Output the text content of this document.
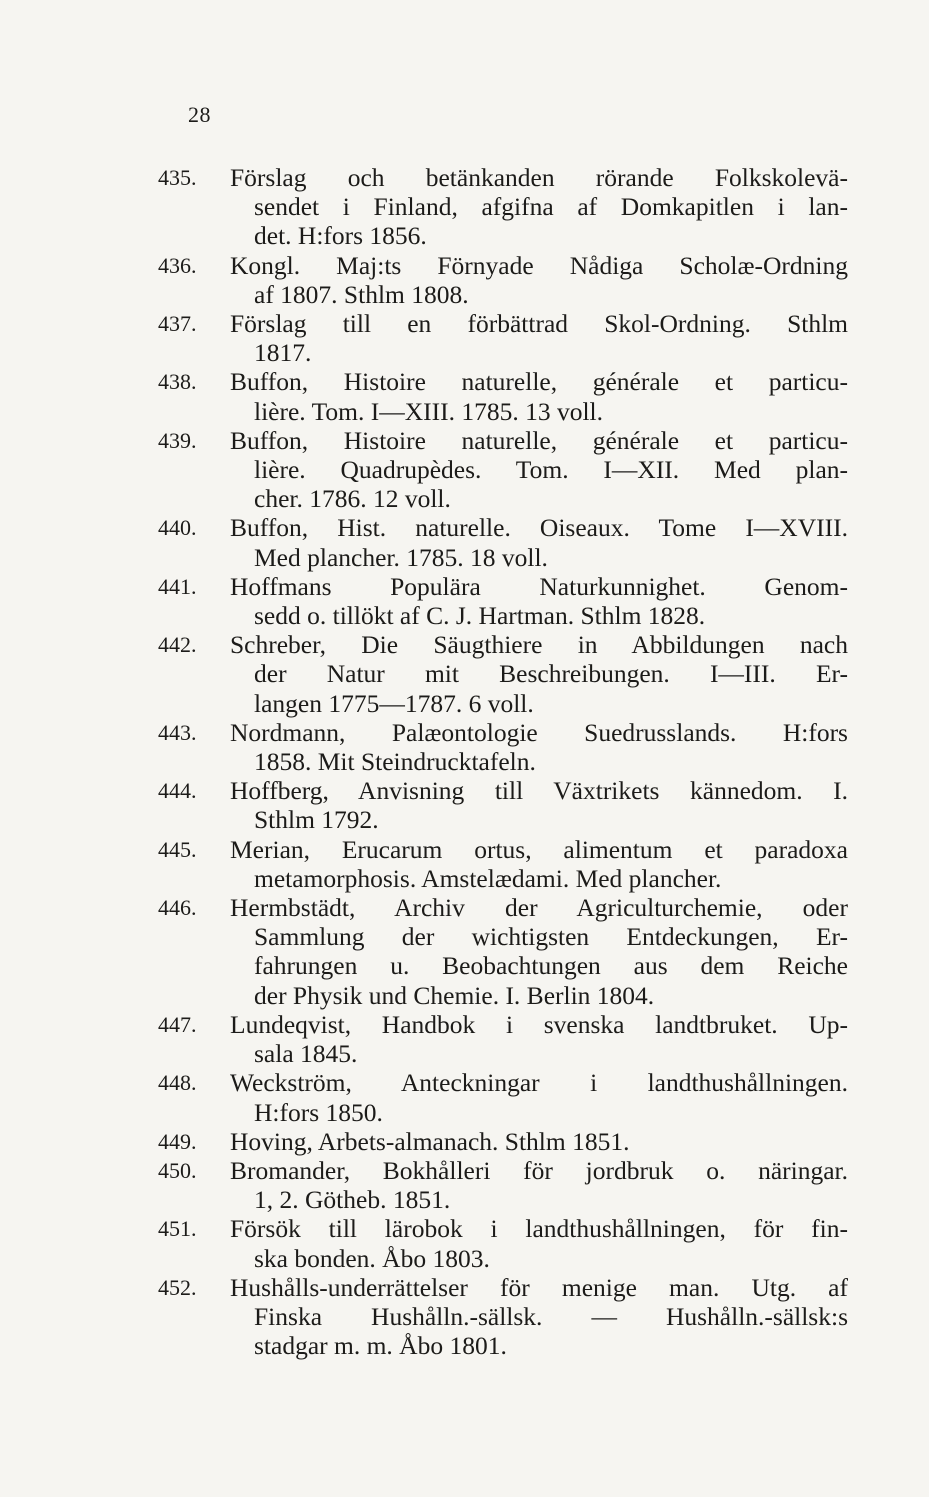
28
435.	Förslag och betänkanden rörande Folkskolevä-
sendet i Finland, afgifna af Domkapitlen i lan-
det. H:fors 1856.
436.	Kongl. Maj:ts Förnyade Nådiga Scholæ-Ordning
af 1807. Sthlm 1808.
437.	Förslag till en förbättrad Skol-Ordning. Sthlm
1817.
438.	Buffon, Histoire naturelle, générale et particu-
lière. Tom. I—XIII. 1785. 13 voll.
439.	Buffon, Histoire naturelle, générale et particu-
lière. Quadrupèdes. Tom. I—XII. Med plan-
cher. 1786. 12 voll.
440.	Buffon, Hist. naturelle. Oiseaux. Tome I—XVIII.
Med plancher. 1785. 18 voll.
441.	Hoffmans Populära Naturkunnighet. Genom-
sedd o. tillökt af C. J. Hartman. Sthlm 1828.
442.	Schreber, Die Säugthiere in Abbildungen nach
der Natur mit Beschreibungen. I—III. Er-
langen 1775—1787. 6 voll.
443.	Nordmann, Palæontologie Suedrusslands. H:fors
1858. Mit Steindrucktafeln.
444.	Hoffberg, Anvisning till Växtrikets kännedom. I.
Sthlm 1792.
445.	Merian, Erucarum ortus, alimentum et paradoxa
metamorphosis. Amstelædami. Med plancher.
446.	Hermbstädt, Archiv der Agriculturchemie, oder
Sammlung der wichtigsten Entdeckungen, Er-
fahrungen u. Beobachtungen aus dem Reiche
der Physik und Chemie. I. Berlin 1804.
447.	Lundeqvist, Handbok i svenska landtbruket. Up-
sala 1845.
448.	Weckström, Anteckningar i landthushållningen.
H:fors 1850.
449.	Hoving, Arbets-almanach. Sthlm 1851.
450.	Bromander, Bokhålleri för jordbruk o. näringar.
1, 2. Götheb. 1851.
451.	Försök till lärobok i landthushållningen, för fin-
ska bonden. Åbo 1803.
452.	Hushålls-underrättelser för menige man. Utg. af
Finska Hushålln.-sällsk. — Hushålln.-sällsk:s
stadgar m. m. Åbo 1801.
